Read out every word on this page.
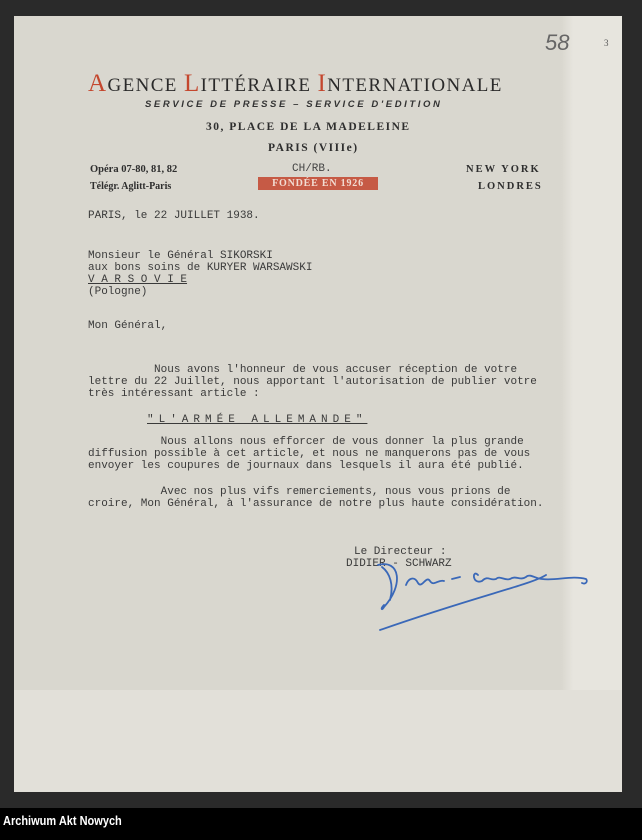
58	3
AGENCE LITTÉRAIRE INTERNATIONALE
SERVICE DE PRESSE – SERVICE D'EDITION
30, PLACE DE LA MADELEINE
PARIS (VIIIe)
Opéra 07-80, 81, 82
Télégr. Aglitt-Paris
NEW YORK
LONDRES
CH/RB.
FONDÉE EN 1926
PARIS, le 22 JUILLET 1938.
Monsieur le Général SIKORSKI
aux bons soins de KURYER WARSAWSKI
V A R S O V I E
(Pologne)
Mon Général,
Nous avons l'honneur de vous accuser réception de votre
lettre du 22 Juillet, nous apportant l'autorisation de publier votre
très intéressant article :
"L'ARMÉE ALLEMANDE"
Nous allons nous efforcer de vous donner la plus grande
diffusion possible à cet article, et nous ne manquerons pas de vous
envoyer les coupures de journaux dans lesquels il aura été publié.
Avec nos plus vifs remerciements, nous vous prions de
croire, Mon Général, à l'assurance de notre plus haute considération.
Le Directeur :
DIDIER - SCHWARZ
Archiwum Akt Nowych
